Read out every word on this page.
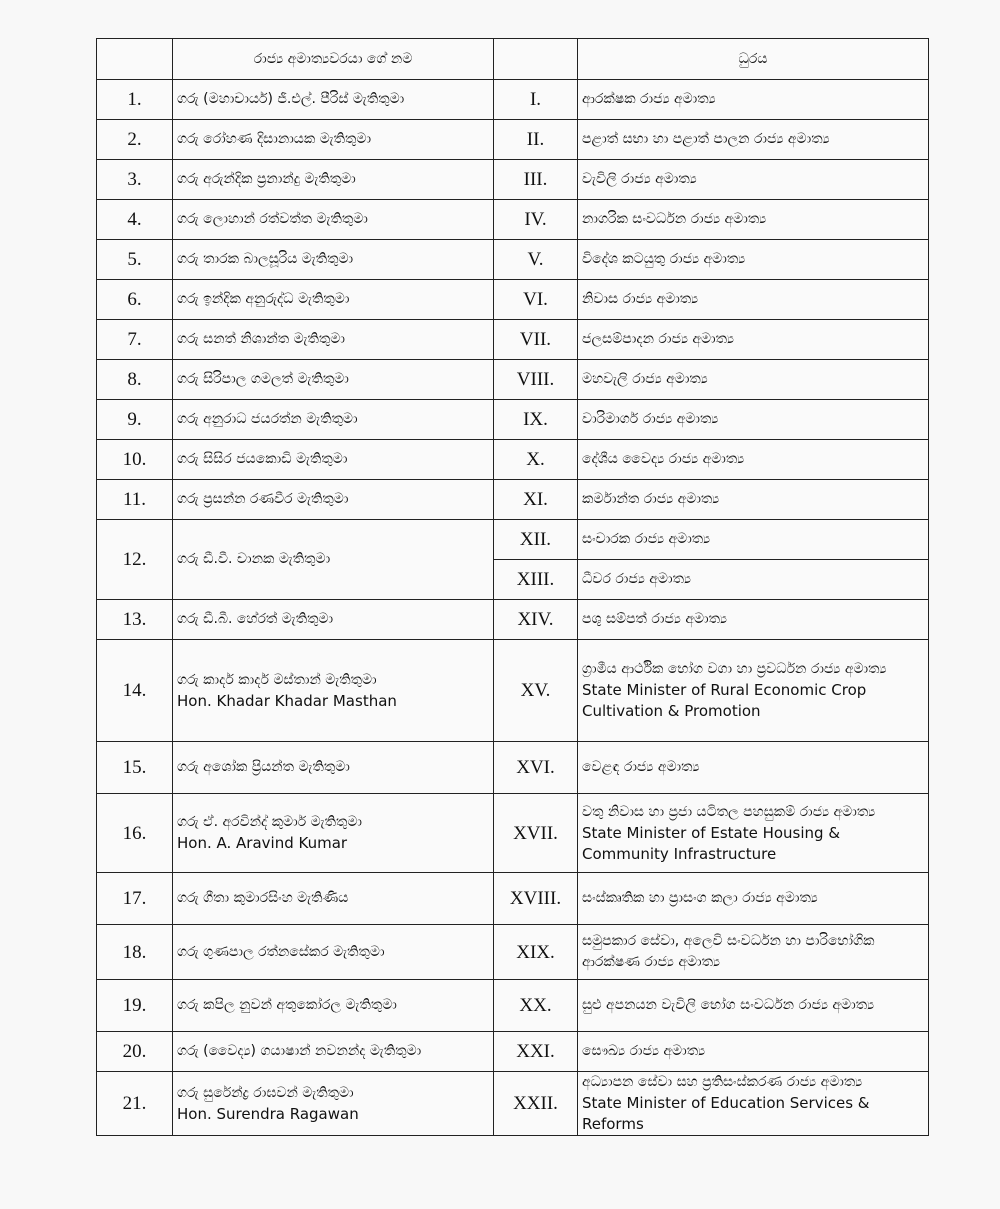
	රාජ්‍ය අමාත්‍යවරයා ගේ නම		ධුරය
1.	ගරු (මහාචාර්ය) ජී.එල්. පීරිස් මැතිතුමා	I.	ආරක්ෂක රාජ්‍ය අමාත්‍ය

2.	ගරු රෝහණ දිසානායක මැතිතුමා	II.	පළාත් සභා හා පළාත් පාලන රාජ්‍ය අමාත්‍ය

3.	ගරු අරුන්දික ප්‍රනාන්දු මැතිතුමා	III.	වැවිලි රාජ්‍ය අමාත්‍ය

4.	ගරු ලොහාන් රත්වත්ත මැතිතුමා	IV.	නාගරික සංවර්ධන රාජ්‍ය අමාත්‍ය

5.	ගරු තාරක බාලසූරිය මැතිතුමා	V.	විදේශ කටයුතු රාජ්‍ය අමාත්‍ය

6.	ගරු ඉන්දික අනුරුද්ධ මැතිතුමා	VI.	නිවාස රාජ්‍ය අමාත්‍ය

7.	ගරු සනත් නිශාන්ත මැතිතුමා	VII.	ජලසම්පාදන රාජ්‍ය අමාත්‍ය

8.	ගරු සිරිපාල ගමලත් මැතිතුමා	VIII.	මහවැලි රාජ්‍ය අමාත්‍ය

9.	ගරු අනුරාධ ජයරත්න මැතිතුමා	IX.	වාරිමාර්ග රාජ්‍ය අමාත්‍ය

10.	ගරු සිසිර ජයකොඩි මැතිතුමා	X.	දේශීය වෛද්‍ය රාජ්‍ය අමාත්‍ය

11.	ගරු ප්‍රසන්න රණවීර මැතිතුමා	XI.	කර්මාන්ත රාජ්‍ය අමාත්‍ය

12.	ගරු ඩී.වී. චානක මැතිතුමා	XII.	සංචාරක රාජ්‍ය අමාත්‍ය

		XIII.	ධීවර රාජ්‍ය අමාත්‍ය

13.	ගරු ඩී.බී. හේරත් මැතිතුමා	XIV.	පශු සම්පත් රාජ්‍ය අමාත්‍ය

14.	ගරු කාදර් කාදර් මස්තාන් මැතිතුමා
Hon. Khadar Khadar Masthan	XV.	ග්‍රාමීය ආර්ථික භෝග වගා හා ප්‍රවර්ධන රාජ්‍ය අමාත්‍ය
State Minister of Rural Economic Crop Cultivation & Promotion

15.	ගරු අශෝක ප්‍රියන්ත මැතිතුමා	XVI.	වෙළඳ රාජ්‍ය අමාත්‍ය

16.	ගරු ඒ. අරවින්ද් කුමාර් මැතිතුමා
Hon. A. Aravind Kumar	XVII.	වතු නිවාස හා ප්‍රජා යටිතල පහසුකම් රාජ්‍ය අමාත්‍ය
State Minister of Estate Housing & Community Infrastructure

17.	ගරු ගීතා කුමාරසිංහ මැතිණිය	XVIII.	සංස්කෘතික හා ප්‍රාසංග කලා රාජ්‍ය අමාත්‍ය

18.	ගරු ගුණපාල රත්නසේකර මැතිතුමා	XIX.	සමුපකාර සේවා, අලෙවි සංවර්ධන හා පාරිභෝගික ආරක්ෂණ රාජ්‍ය අමාත්‍ය

19.	ගරු කපිල නුවන් අතුකෝරල මැතිතුමා	XX.	සුළු අපනයන වැවිලි භෝග සංවර්ධන රාජ්‍ය අමාත්‍ය

20.	ගරු (වෛද්‍ය) ගයාෂාන් නවනන්ද මැතිතුමා	XXI.	සෞඛ්‍ය රාජ්‍ය අමාත්‍ය

21.	ගරු සුරේන්ද්‍ර රාඝවන් මැතිතුමා
Hon. Surendra Ragawan	XXII.	අධ්‍යාපන සේවා සහ ප්‍රතිසංස්කරණ රාජ්‍ය අමාත්‍ය
State Minister of Education Services & Reforms
